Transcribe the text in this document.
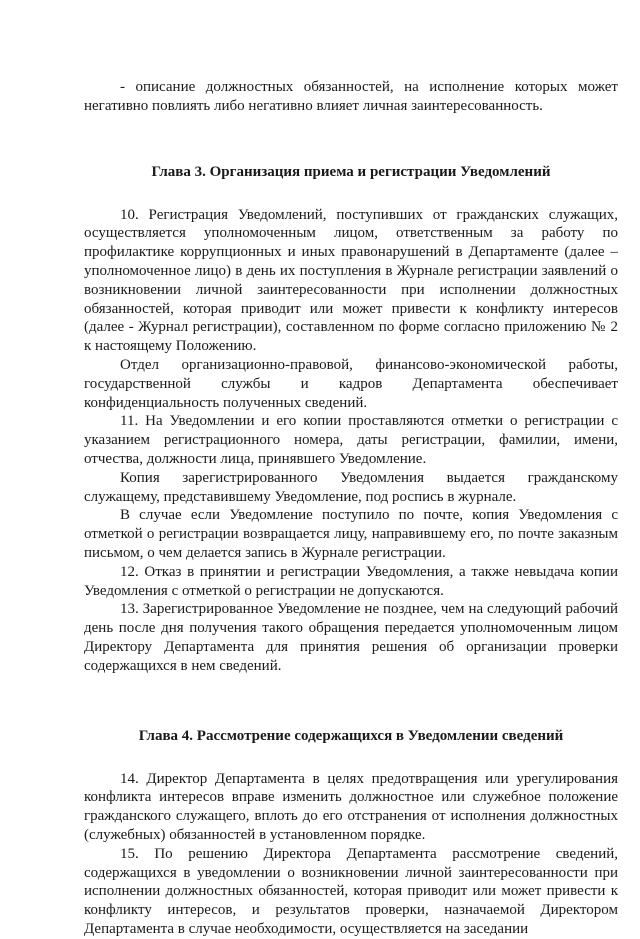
- описание должностных обязанностей, на исполнение которых может негативно повлиять либо негативно влияет личная заинтересованность.

Глава 3. Организация приема и регистрации Уведомлений

10. Регистрация Уведомлений, поступивших от гражданских служащих, осуществляется уполномоченным лицом, ответственным за работу по профилактике коррупционных и иных правонарушений в Департаменте (далее – уполномоченное лицо) в день их поступления в Журнале регистрации заявлений о возникновении личной заинтересованности при исполнении должностных обязанностей, которая приводит или может привести к конфликту интересов (далее - Журнал регистрации), составленном по форме согласно приложению № 2 к настоящему Положению.

Отдел организационно-правовой, финансово-экономической работы, государственной службы и кадров Департамента обеспечивает конфиденциальность полученных сведений.

11. На Уведомлении и его копии проставляются отметки о регистрации с указанием регистрационного номера, даты регистрации, фамилии, имени, отчества, должности лица, принявшего Уведомление.

Копия зарегистрированного Уведомления выдается гражданскому служащему, представившему Уведомление, под роспись в журнале.

В случае если Уведомление поступило по почте, копия Уведомления с отметкой о регистрации возвращается лицу, направившему его, по почте заказным письмом, о чем делается запись в Журнале регистрации.

12. Отказ в принятии и регистрации Уведомления, а также невыдача копии Уведомления с отметкой о регистрации не допускаются.

13. Зарегистрированное Уведомление не позднее, чем на следующий рабочий день после дня получения такого обращения передается уполномоченным лицом Директору Департамента для принятия решения об организации проверки содержащихся в нем сведений.

Глава 4. Рассмотрение содержащихся в Уведомлении сведений

14. Директор Департамента в целях предотвращения или урегулирования конфликта интересов вправе изменить должностное или служебное положение гражданского служащего, вплоть до его отстранения от исполнения должностных (служебных) обязанностей в установленном порядке.

15. По решению Директора Департамента рассмотрение сведений, содержащихся в уведомлении о возникновении личной заинтересованности при исполнении должностных обязанностей, которая приводит или может привести к конфликту интересов, и результатов проверки, назначаемой Директором Департамента в случае необходимости, осуществляется на заседании
